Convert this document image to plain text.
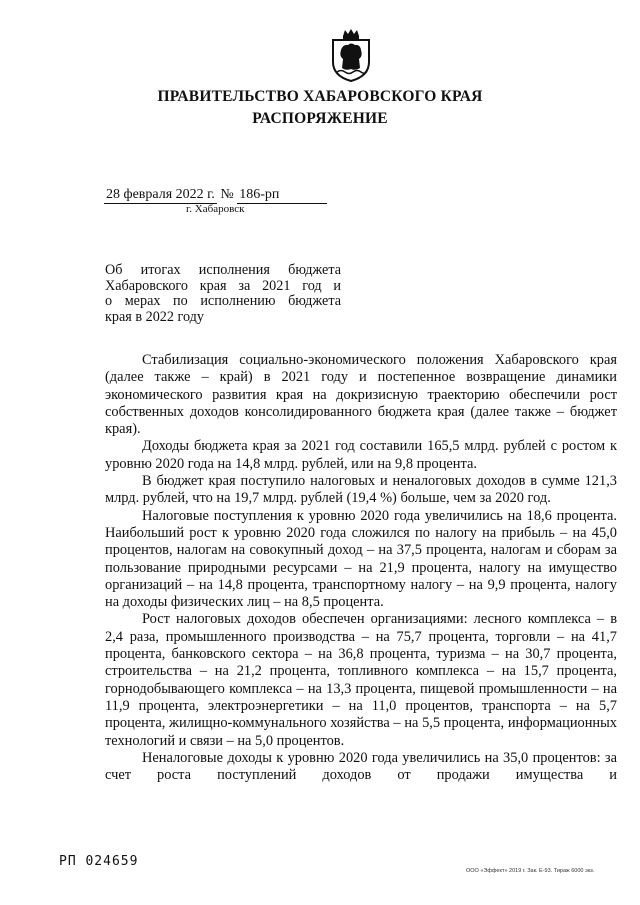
ПРАВИТЕЛЬСТВО ХАБАРОВСКОГО КРАЯ
РАСПОРЯЖЕНИЕ
28 февраля 2022 г. № 186-рп
г. Хабаровск
Об итогах исполнения бюджета
Хабаровского края за 2021 год и
о мерах по исполнению бюджета
края в 2022 году

Стабилизация социально-экономического положения Хабаровского края (далее также – край) в 2021 году и постепенное возвращение динамики экономического развития края на докризисную траекторию обеспечили рост собственных доходов консолидированного бюджета края (далее также – бюджет края).

Доходы бюджета края за 2021 год составили 165,5 млрд. рублей с ростом к уровню 2020 года на 14,8 млрд. рублей, или на 9,8 процента.

В бюджет края поступило налоговых и неналоговых доходов в сумме 121,3 млрд. рублей, что на 19,7 млрд. рублей (19,4 %) больше, чем за 2020 год.

Налоговые поступления к уровню 2020 года увеличились на 18,6 процента. Наибольший рост к уровню 2020 года сложился по налогу на прибыль – на 45,0 процентов, налогам на совокупный доход – на 37,5 процента, налогам и сборам за пользование природными ресурсами – на 21,9 процента, налогу на имущество организаций – на 14,8 процента, транспортному налогу – на 9,9 процента, налогу на доходы физических лиц – на 8,5 процента.

Рост налоговых доходов обеспечен организациями: лесного комплекса – в 2,4 раза, промышленного производства – на 75,7 процента, торговли – на 41,7 процента, банковского сектора – на 36,8 процента, туризма – на 30,7 процента, строительства – на 21,2 процента, топливного комплекса – на 15,7 процента, горнодобывающего комплекса – на 13,3 процента, пищевой промышленности – на 11,9 процента, электроэнергетики – на 11,0 процентов, транспорта – на 5,7 процента, жилищно-коммунального хозяйства – на 5,5 процента, информационных технологий и связи – на 5,0 процентов.

Неналоговые доходы к уровню 2020 года увеличились на 35,0 процентов: за счет роста поступлений доходов от продажи имущества и

РП 024659
ООО «Эффект» 2019 г. Зак. Е-93. Тираж 6000 экз.
